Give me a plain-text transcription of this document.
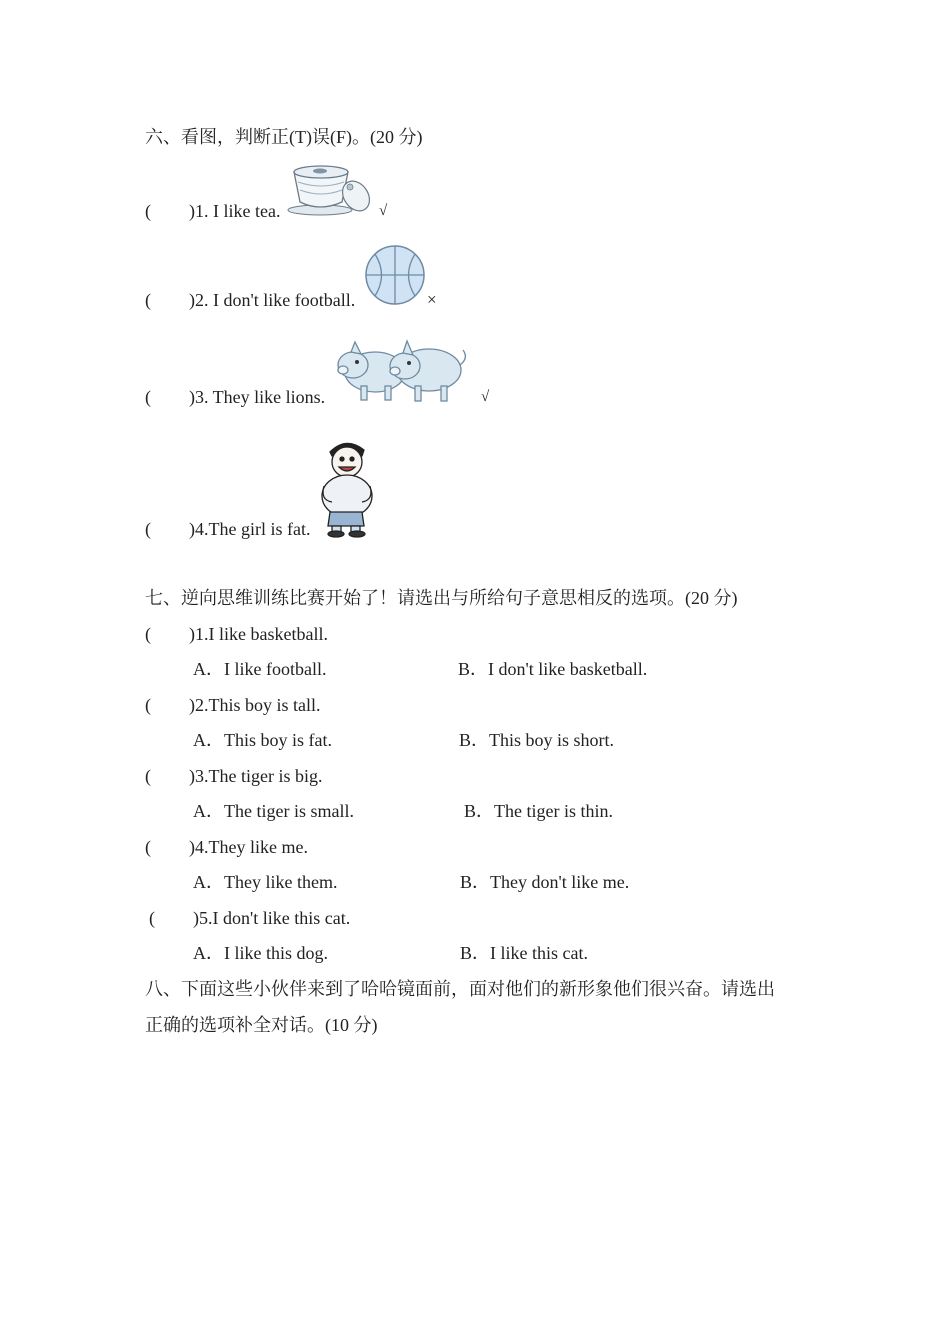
六、看图，判断正(T)误(F)。(20 分)
( ) 1. I like tea.	√
( ) 2. I don't like football.	×
( ) 3. They like lions.	√
( ) 4.The girl is fat.
七、逆向思维训练比赛开始了！请选出与所给句子意思相反的选项。(20 分)
( ) 1.I like basketball.
A．I like football.	B．I don't like basketball.
( ) 2.This boy is tall.
A．This boy is fat.	B．This boy is short.
( ) 3.The tiger is big.
A．The tiger is small.	B．The tiger is thin.
( ) 4.They like me.
A．They like them.	B．They don't like me.
( ) 5.I don't like this cat.
A．I like this dog.	B．I like this cat.
八、下面这些小伙伴来到了哈哈镜面前，面对他们的新形象他们很兴奋。请选出
正确的选项补全对话。(10 分)
